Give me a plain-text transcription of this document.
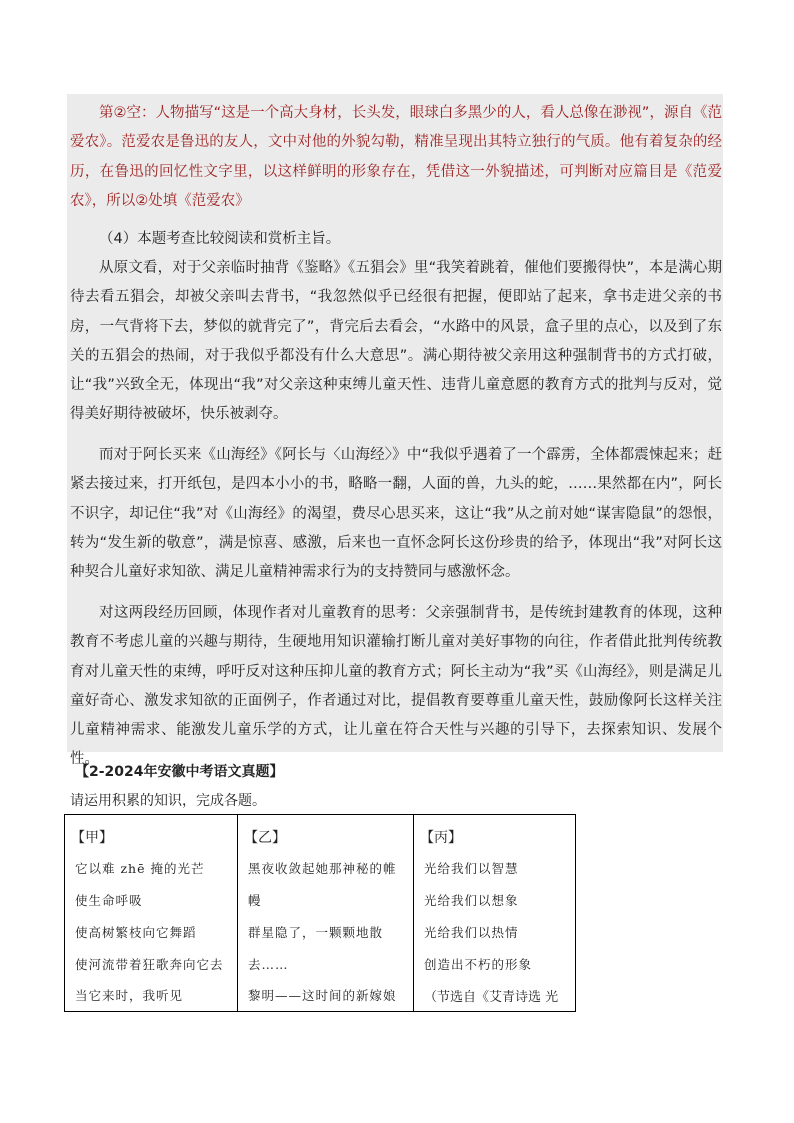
第②空：人物描写“这是一个高大身材，长头发，眼球白多黑少的人，看人总像在渺视”，源自《范爱农》。范爱农是鲁迅的友人，文中对他的外貌勾勒，精准呈现出其特立独行的气质。他有着复杂的经历，在鲁迅的回忆性文字里，以这样鲜明的形象存在，凭借这一外貌描述，可判断对应篇目是《范爱农》，所以②处填《范爱农》
（4）本题考查比较阅读和赏析主旨。
从原文看，对于父亲临时抽背《鉴略》《五猖会》里“我笑着跳着，催他们要搬得快”，本是满心期待去看五猖会，却被父亲叫去背书，“我忽然似乎已经很有把握，便即站了起来，拿书走进父亲的书房，一气背将下去，梦似的就背完了”，背完后去看会，“水路中的风景，盒子里的点心，以及到了东关的五猖会的热闹，对于我似乎都没有什么大意思”。满心期待被父亲用这种强制背书的方式打破，让“我”兴致全无，体现出“我”对父亲这种束缚儿童天性、违背儿童意愿的教育方式的批判与反对，觉得美好期待被破坏，快乐被剥夺。
而对于阿长买来《山海经》《阿长与〈山海经〉》中“我似乎遇着了一个霹雳，全体都震悚起来；赶紧去接过来，打开纸包，是四本小小的书，略略一翻，人面的兽，九头的蛇，……果然都在内”，阿长不识字，却记住“我”对《山海经》的渴望，费尽心思买来，这让“我”从之前对她“谋害隐鼠”的怨恨，转为“发生新的敬意”，满是惊喜、感激，后来也一直怀念阿长这份珍贵的给予，体现出“我”对阿长这种契合儿童好求知欲、满足儿童精神需求行为的支持赞同与感激怀念。
对这两段经历回顾，体现作者对儿童教育的思考：父亲强制背书，是传统封建教育的体现，这种教育不考虑儿童的兴趣与期待，生硬地用知识灌输打断儿童对美好事物的向往，作者借此批判传统教育对儿童天性的束缚，呼吁反对这种压抑儿童的教育方式；阿长主动为“我”买《山海经》，则是满足儿童好奇心、激发求知欲的正面例子，作者通过对比，提倡教育要尊重儿童天性，鼓励像阿长这样关注儿童精神需求、能激发儿童乐学的方式，让儿童在符合天性与兴趣的引导下，去探索知识、发展个性。
【2-2024年安徽中考语文真题】
请运用积累的知识，完成各题。
【甲】
它以难 zhē 掩的光芒
使生命呼吸
使高树繁枝向它舞蹈
使河流带着狂歌奔向它去
当它来时，我听见
【乙】
黑夜收敛起她那神秘的帷
幔
群星隐了，一颗颗地散
去……
黎明——这时间的新嫁娘
【丙】
光给我们以智慧
光给我们以想象
光给我们以热情
创造出不朽的形象
（节选自《艾青诗选 光
